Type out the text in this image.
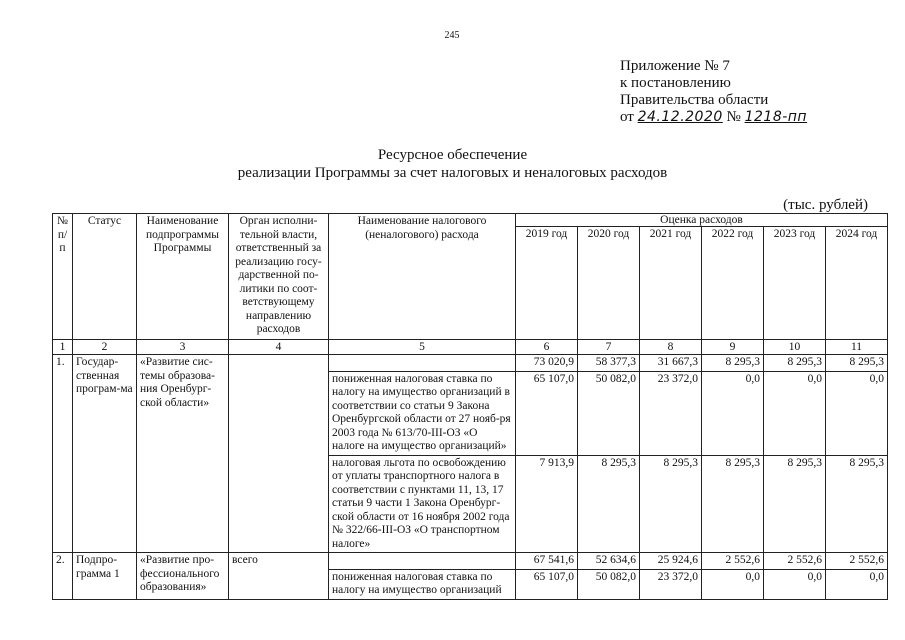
245
Приложение № 7
к постановлению
Правительства области
от 24.12.2020 № 1218-пп
Ресурсное обеспечение
реализации Программы за счет налоговых и неналоговых расходов
(тыс. рублей)
№ п/п	Статус	Наименование подпрограммы Программы	Орган исполни-тельной власти, ответственный за реализацию госу-дарственной по-литики по соот-ветствующему направлению расходов	Наименование налогового (неналогового) расхода	Оценка расходов					
					2019 год	2020 год	2021 год	2022 год	2023 год	2024 год
1	2	3	4	5	6	7	8	9	10	11
1.	Государ-ственная програм-ма	«Развитие сис-темы образова-ния Оренбург-ской области»			73 020,9	58 377,3	31 667,3	8 295,3	8 295,3	8 295,3
				пониженная налоговая ставка по налогу на имущество организаций в соответствии со статьи 9 Закона Оренбургской области от 27 нояб-ря 2003 года № 613/70-III-ОЗ «О налоге на имущество организаций»	65 107,0	50 082,0	23 372,0	0,0	0,0	0,0
				налоговая льгота по освобождению от уплаты транспортного налога в соответствии с пунктами 11, 13, 17 статьи 9 части 1 Закона Оренбург-ской области от 16 ноября 2002 года № 322/66-III-ОЗ «О транспортном налоге»	7 913,9	8 295,3	8 295,3	8 295,3	8 295,3	8 295,3
2.	Подпро-грамма 1	«Развитие про-фессионального образования»	всего		67 541,6	52 634,6	25 924,6	2 552,6	2 552,6	2 552,6
				пониженная налоговая ставка по налогу на имущество организаций	65 107,0	50 082,0	23 372,0	0,0	0,0	0,0
